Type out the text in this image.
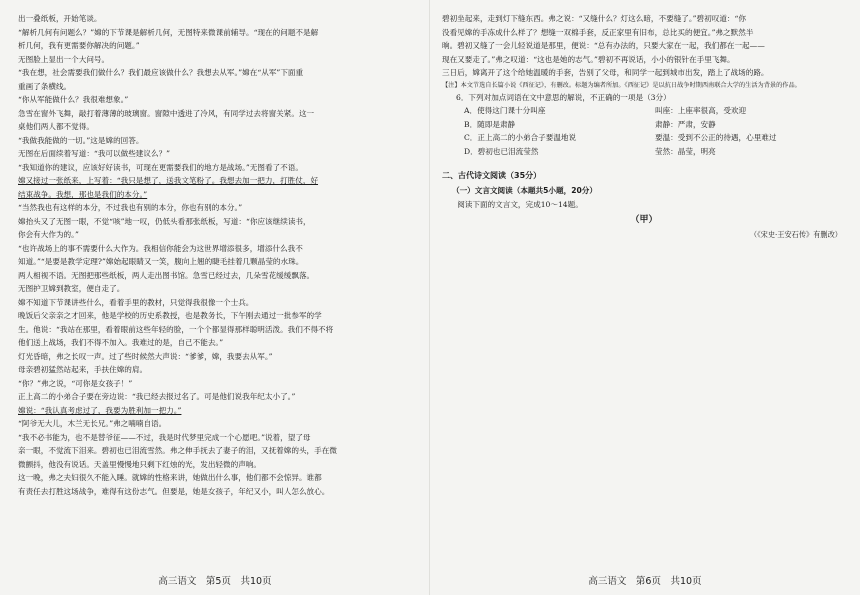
出一叠纸板，开始笔谈。

“解析几何有问题么？”嫦的下节课是解析几何，无图特来微课前辅导。“现在的问题不是解

析几何，我有更需要你解决的问题。”

无图脸上显出一个大问号。

“我在想，社会需要我们做什么？我们最应该做什么？我想去从军。”嫦在“从军”下面重

重画了条横线。

“你从军能做什么？我很难想象。”

急雪在窗外飞舞，敲打着薄薄的玻璃窗。窗隙中透进了冷风，有同学过去将窗关紧。这一

桌他们两人都不觉得。

“我做我能做的一切。”这是嫦的回答。

无图在后面续着写道：“我可以做些建议么？”

“我知道你的建议，应该好好读书，可现在更需要我们的地方是战场。”无图看了不语。

嫦又接过一张纸来，上写着：“我只是想了，送我文笔粉了。我想去加一把力，打胜仗，好

结束战争。我想，那也是我们的本分。”

“当然我也有这样的本分，不过我也有别的本分，你也有别的本分。”

嫦抬头又了无图一眼，不觉“咳”地一叹，仍低头看那张纸板，写道：“你应该继续读书，

你会有大作为的。”

“也许战场上的事不需要什么大作为。我相信你能会为这世界增添很多，增添什么我不

知道。”“是要是教学定理?”嫦始起眼睛又一笑，腹向上翘的睫毛挂着几颗晶莹的水珠。

两人相视不语。无图把那些纸板，两人走出图书馆。急雪已经过去，几朵雪花缓缓飘落。

无图护卫嫦到教室，便自走了。

嫦不知道下节课讲些什么，看着手里的教材，只觉得我很像一个士兵。

晚饭后父亲亲之才回来，他是学校的历史系教授，也是教务长，下午刚去通过一批参军的学

生。他说：“我站在那里，看着眼前这些年轻的脸，一个个都显得那样聪明活泼。我们不得不将

他们送上战场，我们不得不加入。我难过的是，自己不能去。”

灯光昏暗，弗之长叹一声。过了些时候然大声说：“爹爹，嫦，我要去从军。”

母亲碧初猛然站起来，手扶住嫦的肩。

“你？”弗之说，“可你是女孩子！”

正上高二的小弟合子要在旁边说：“我已经去报过名了。可是他们说我年纪太小了。”

嫦说：“我认真考虑过了，我要为胜利加一把力。”

“阿爷无大儿，木兰无长兄。”弗之喃喃自语。

“我不必书能为，也不是替爷征——不过，我是时代梦里完成一个心愿吧。”说着，望了母

亲一眼，不觉流下泪来。碧初也已泪流雪然。弗之伸手抚去了妻子的泪，又抚着嫦的头，手在微

微颤抖，他没有说话。天盖里慢慢地只剩下红烛的光，发出轻微的声响。

这一晚，弗之夫妇很久不能入睡。就嫦的性格来讲，她做出什么事，他们都不会惊异。谁都

有责任去打胜这场战争，难得有这份志气。但要是，她是女孩子，年纪又小，叫人怎么放心。

高三语文　第5页　共10页

碧初坐起来，走到灯下缝东西。弗之说：“又缝什么？灯这么暗，不要缝了。”碧初叹道：“你

没看见嫦的手冻成什么样了？想缝一双棉手套，反正家里有旧布，总比买的便宜。”弗之默然半

晌。碧初又缝了一会儿轻说道是那里，便说：“总有办法的，只要大家在一起，我们都在一起——

现在又要走了。”弗之叹道：“这也是她的志气。”碧初不再说话，小小的银针在手里飞舞。

三日后，嫦离开了这个给她温暖的手套，告别了父母，和同学一起到城市出发，踏上了战场的路。

【注】本文节选自长篇小说《西征记》，有删改。标题为编者所加。《西征记》是以抗日战争时期西南联合大学的生活为背景的作品。

6．下列对加点词语在文中意思的解说，不正确的一项是（3分）

A．使得这门课十分叫座	叫座：上座率很高，受欢迎
B．随即是肃静	肃静：严肃，安静
C．正上高二的小弟合子要温地说	要温：受到不公正的待遇，心里难过
D．碧初也已泪流莹然	莹然：晶莹，明亮
二、古代诗文阅读（35分）
（一）文言文阅读（本题共5小题，20分）

阅读下面的文言文，完成10～14题。

（甲）
（《宋史·王安石传》有删改）
高三语文　第6页　共10页
